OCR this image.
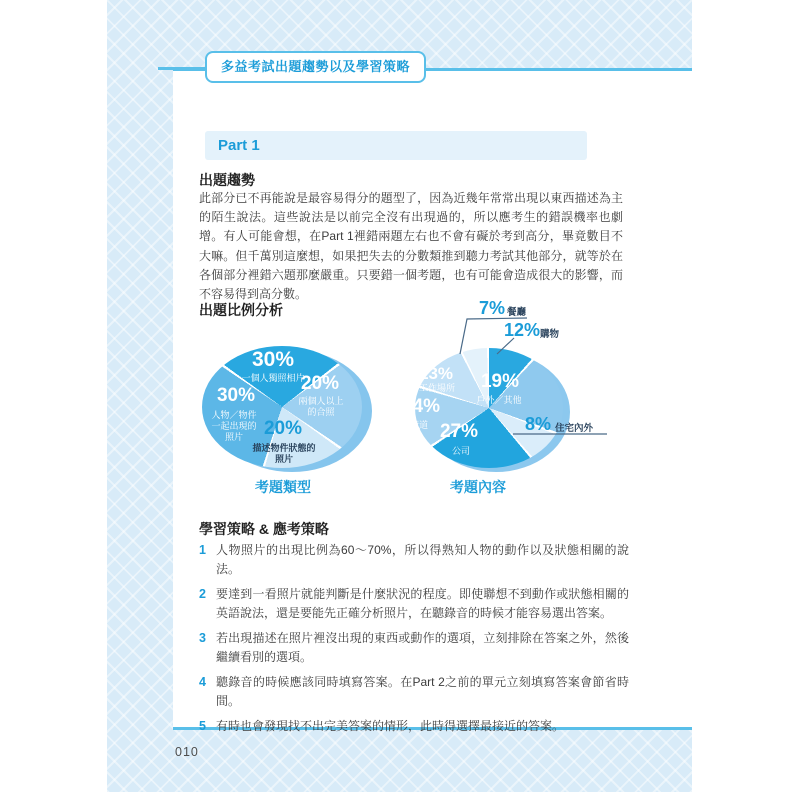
多益考試出題趨勢以及學習策略
Part 1
出題趨勢
此部分已不再能說是最容易得分的題型了，因為近幾年常常出現以東西描述為主的陌生說法。這些說法是以前完全沒有出現過的，所以應考生的錯誤機率也劇增。有人可能會想，在Part 1裡錯兩題左右也不會有礙於考到高分，畢竟數目不大嘛。但千萬別這麼想，如果把失去的分數類推到聽力考試其他部分，就等於在各個部分裡錯六題那麼嚴重。只要錯一個考題，也有可能會造成很大的影響，而不容易得到高分數。
出題比例分析
30%
一個人獨照相片
20%
兩個人以上的合照
20%
描述物件狀態的照片
30%
人物／物件一起出現的照片
考題類型
7% 餐廳
12% 購物
19%
戶外／其他
8% 住宅內外
27%
公司
14%
街道
13%
工作場所
考題內容
學習策略 & 應考策略
1 人物照片的出現比例為60～70%，所以得熟知人物的動作以及狀態相關的說法。
2 要達到一看照片就能判斷是什麼狀況的程度。即使聯想不到動作或狀態相關的英語說法，還是要能先正確分析照片，在聽錄音的時候才能容易選出答案。
3 若出現描述在照片裡沒出現的東西或動作的選項，立刻排除在答案之外，然後繼續看別的選項。
4 聽錄音的時候應該同時填寫答案。在Part 2之前的單元立刻填寫答案會節省時間。
5 有時也會發現找不出完美答案的情形，此時得選擇最接近的答案。
010
